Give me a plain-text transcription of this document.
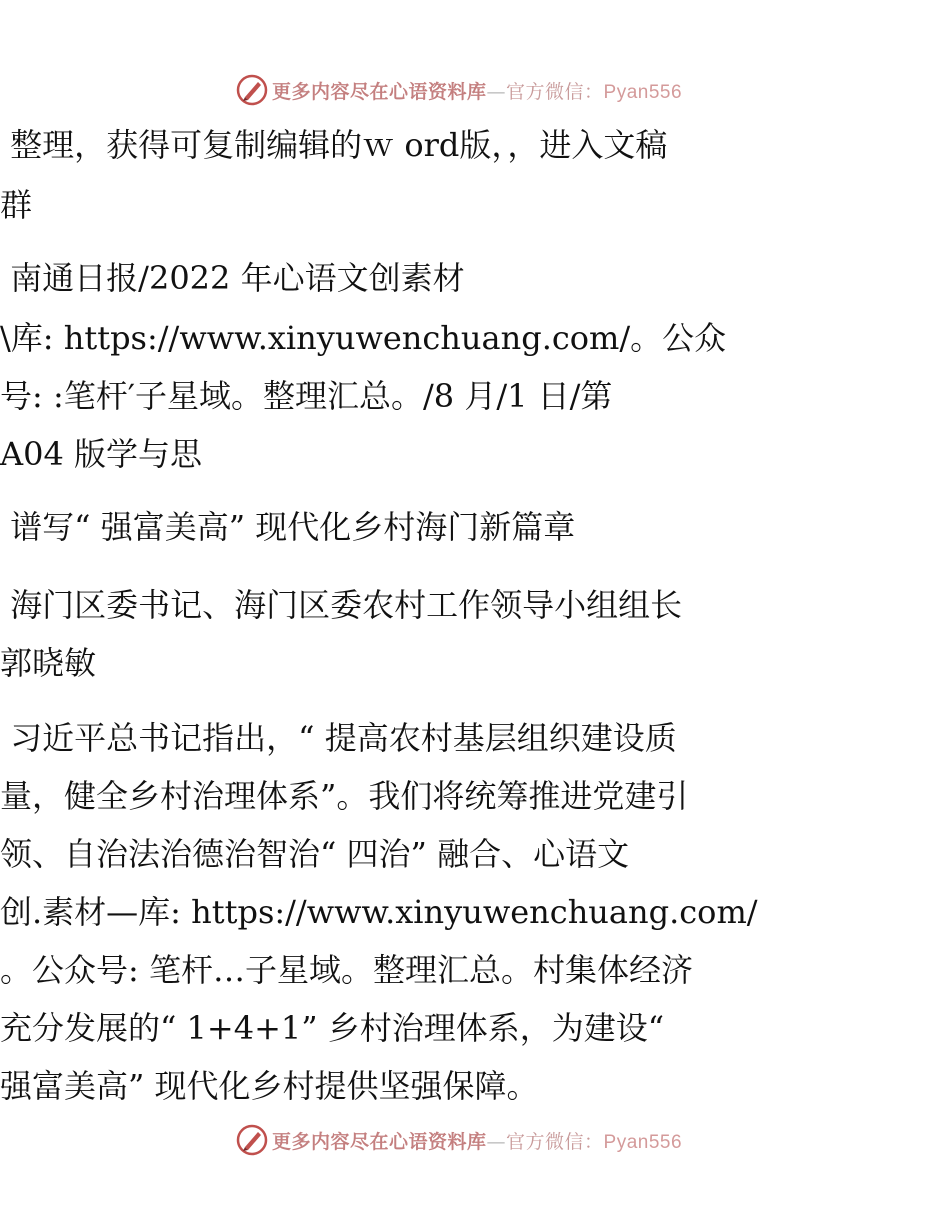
更多内容尽在心语资料库—官方微信：Pyan556
整理，获得可复制编辑的ｗ ord版，，进入文稿
群
南通日报/2022 年心语文创素材
\库: https://www.xinyuwenchuang.com/。公众
号: :笔杆′子星域。整理汇总。/8 月/1 日/第
A04 版学与思
谱写“ 强富美高” 现代化乡村海门新篇章
海门区委书记、海门区委农村工作领导小组组长
郭晓敏
习近平总书记指出，“ 提高农村基层组织建设质
量，健全乡村治理体系”。我们将统筹推进党建引
领、自治法治德治智治“ 四治” 融合、心语文
创.素材—库: https://www.xinyuwenchuang.com/
。公众号: 笔杆…子星域。整理汇总。村集体经济
充分发展的“ 1+4+1” 乡村治理体系，为建设“
强富美高” 现代化乡村提供坚强保障。
更多内容尽在心语资料库—官方微信：Pyan556
